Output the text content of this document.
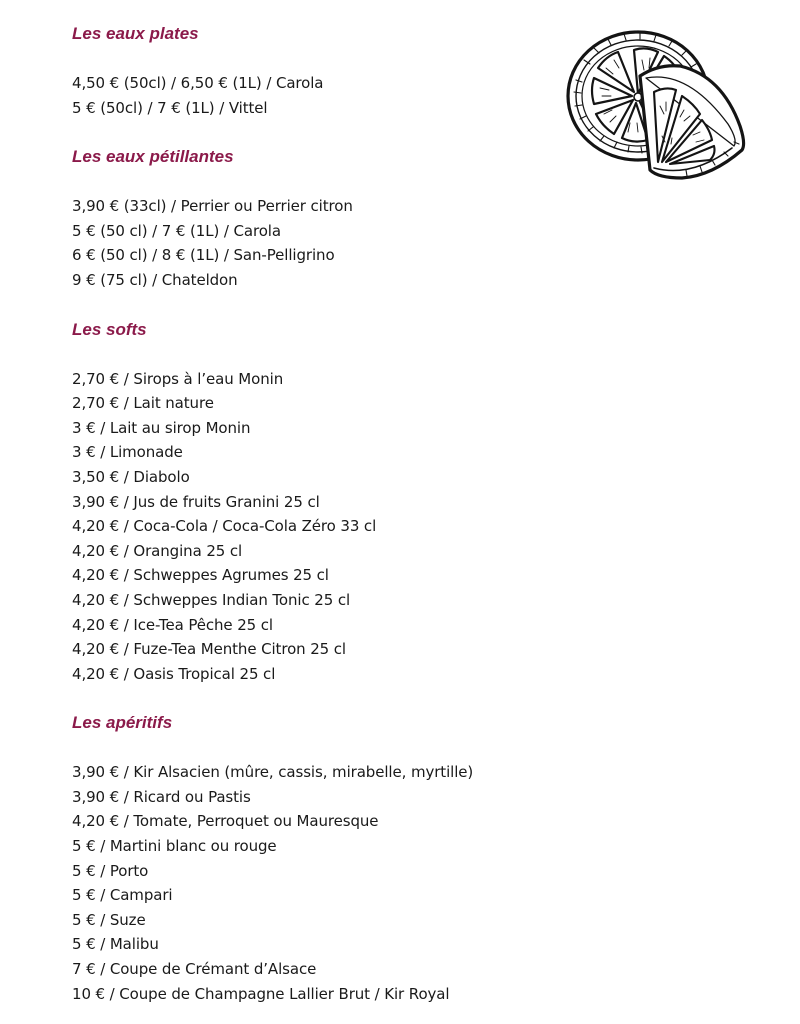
Les eaux plates
4,50 € (50cl) / 6,50 € (1L) / Carola
5 € (50cl) / 7 € (1L) / Vittel
Les eaux pétillantes
3,90 € (33cl) / Perrier ou Perrier citron
5 € (50 cl) / 7 € (1L) / Carola
6 € (50 cl) / 8 € (1L) / San-Pelligrino
9 € (75 cl) / Chateldon
Les softs
2,70 € / Sirops à l’eau Monin
2,70 € / Lait nature
3 € / Lait au sirop Monin
3 € / Limonade
3,50 € / Diabolo
3,90 € / Jus de fruits Granini 25 cl
4,20 € / Coca-Cola / Coca-Cola Zéro 33 cl
4,20 € / Orangina 25 cl
4,20 € / Schweppes Agrumes 25 cl
4,20 € / Schweppes Indian Tonic 25 cl
4,20 € / Ice-Tea Pêche 25 cl
4,20 € / Fuze-Tea Menthe Citron 25 cl
4,20 € / Oasis Tropical 25 cl
Les apéritifs
3,90 € / Kir Alsacien (mûre, cassis, mirabelle, myrtille)
3,90 € / Ricard ou Pastis
4,20 € / Tomate, Perroquet ou Mauresque
5 € / Martini blanc ou rouge
5 € / Porto
5 € / Campari
5 € / Suze
5 € / Malibu
7 € / Coupe de Crémant d’Alsace
10 € / Coupe de Champagne Lallier Brut / Kir Royal
